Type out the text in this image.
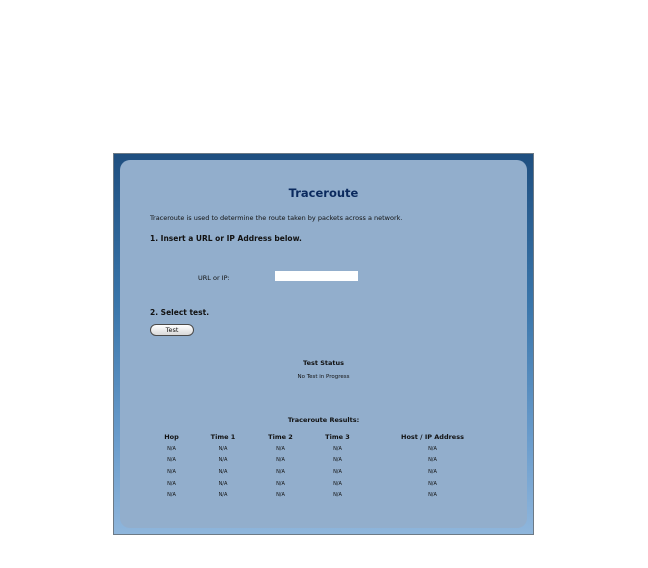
Traceroute
Traceroute is used to determine the route taken by packets across a network.
1. Insert a URL or IP Address below.
URL or IP:
2. Select test.
Test
Test Status
No Test in Progress
Traceroute Results:
Hop	Time 1	Time 2	Time 3	Host / IP Address
N/A	N/A	N/A	N/A	N/A
N/A	N/A	N/A	N/A	N/A
N/A	N/A	N/A	N/A	N/A
N/A	N/A	N/A	N/A	N/A
N/A	N/A	N/A	N/A	N/A
